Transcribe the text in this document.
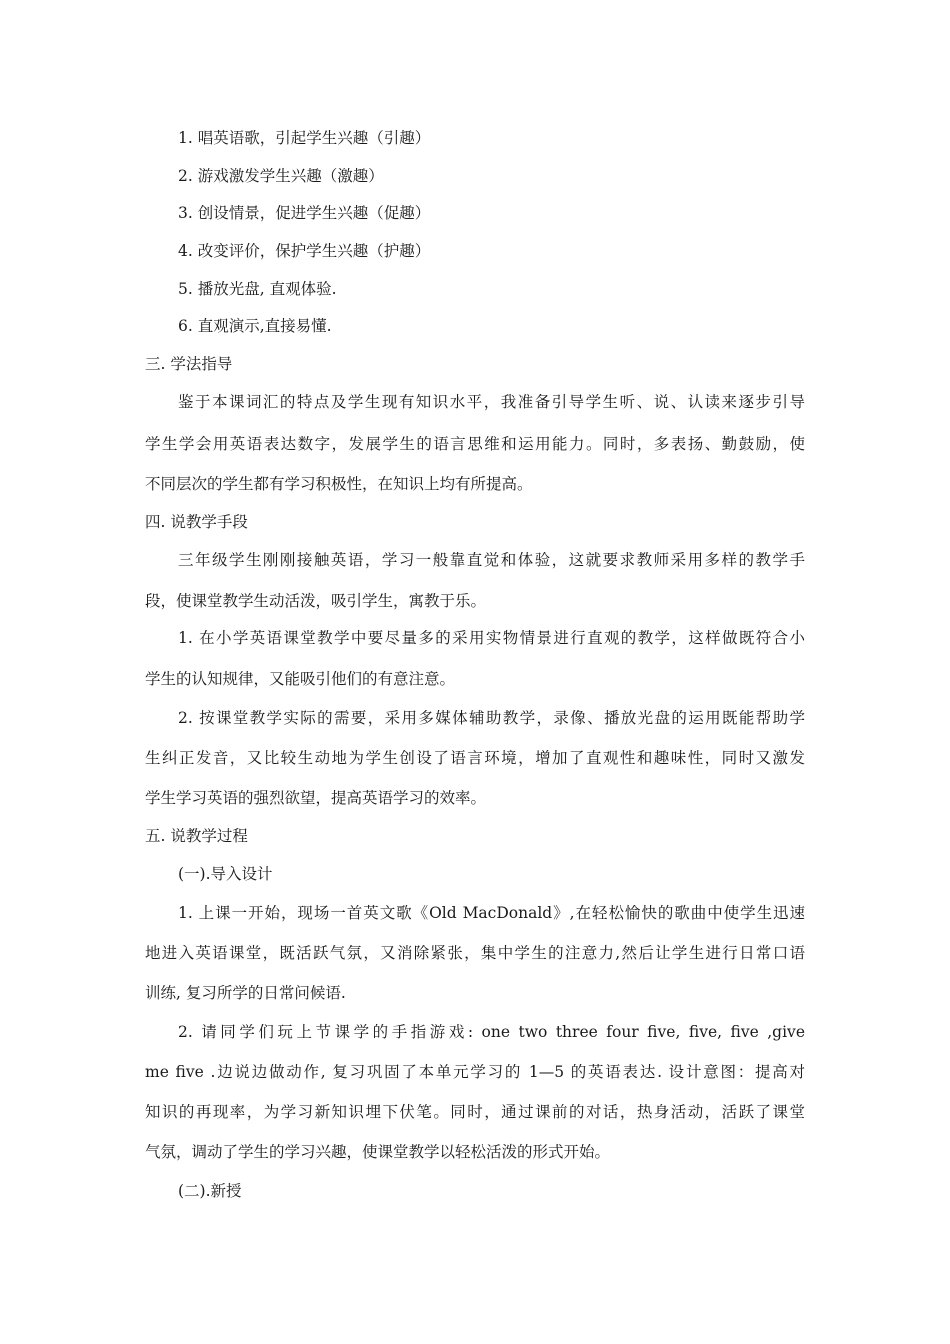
1. 唱英语歌，引起学生兴趣（引趣）
2. 游戏激发学生兴趣（激趣）
3. 创设情景，促进学生兴趣（促趣）
4. 改变评价，保护学生兴趣（护趣）
5. 播放光盘, 直观体验.
6. 直观演示,直接易懂.
三. 学法指导
鉴于本课词汇的特点及学生现有知识水平，我准备引导学生听、说、认读来逐步引导
学生学会用英语表达数字，发展学生的语言思维和运用能力。同时，多表扬、勤鼓励，使
不同层次的学生都有学习积极性，在知识上均有所提高。
四. 说教学手段
三年级学生刚刚接触英语，学习一般靠直觉和体验，这就要求教师采用多样的教学手
段，使课堂教学生动活泼，吸引学生，寓教于乐。
1. 在小学英语课堂教学中要尽量多的采用实物情景进行直观的教学，这样做既符合小
学生的认知规律，又能吸引他们的有意注意。
2. 按课堂教学实际的需要，采用多媒体辅助教学，录像、播放光盘的运用既能帮助学
生纠正发音，又比较生动地为学生创设了语言环境，增加了直观性和趣味性，同时又激发
学生学习英语的强烈欲望，提高英语学习的效率。
五. 说教学过程
(一).导入设计
1. 上课一开始，现场一首英文歌《Old MacDonald》,在轻松愉快的歌曲中使学生迅速
地进入英语课堂，既活跃气氛，又消除紧张，集中学生的注意力,然后让学生进行日常口语
训练, 复习所学的日常问候语.
2. 请同学们玩上节课学的手指游戏: one two three four five, five, five ,give
me five .边说边做动作, 复习巩固了本单元学习的 1—5 的英语表达. 设计意图：提高对
知识的再现率，为学习新知识埋下伏笔。同时，通过课前的对话，热身活动，活跃了课堂
气氛，调动了学生的学习兴趣，使课堂教学以轻松活泼的形式开始。
(二).新授
